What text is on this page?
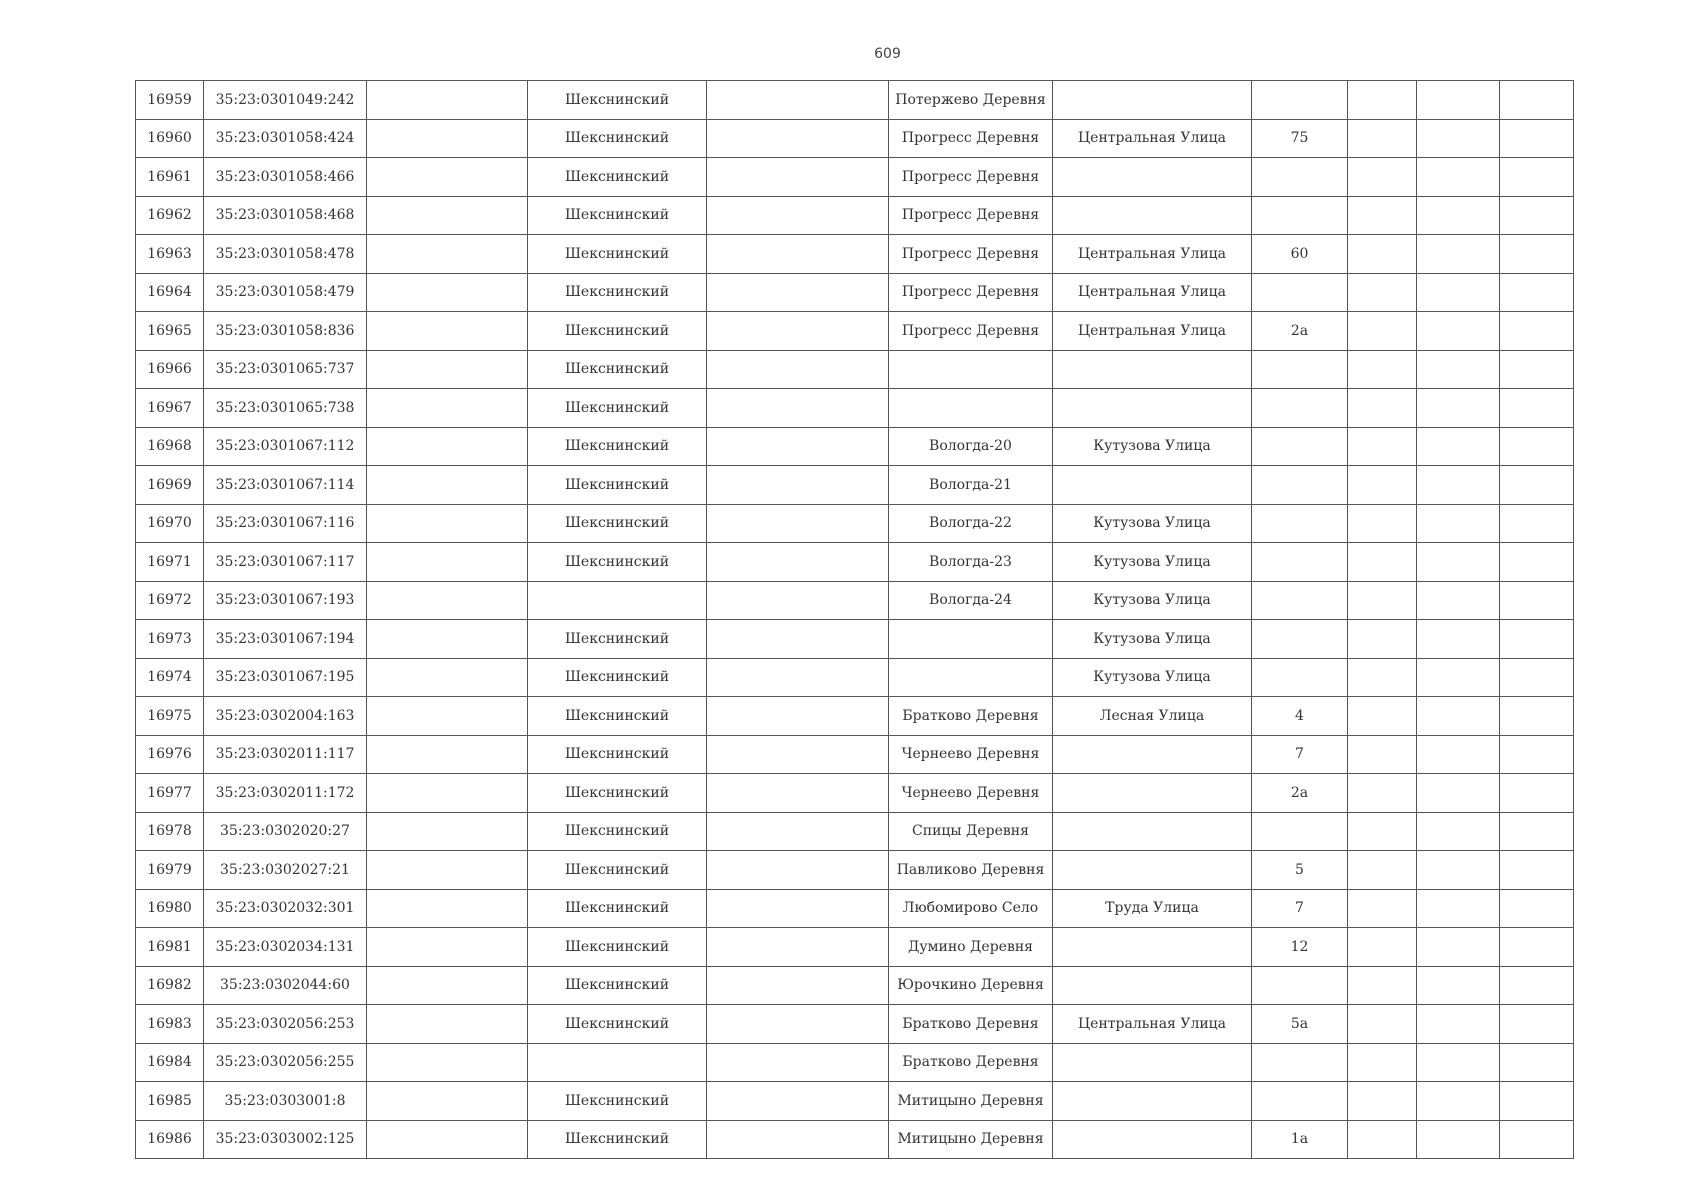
609
16959	35:23:0301049:242		Шекснинский		Потержево Деревня					
16960	35:23:0301058:424		Шекснинский		Прогресс Деревня	Центральная Улица	75			
16961	35:23:0301058:466		Шекснинский		Прогресс Деревня					
16962	35:23:0301058:468		Шекснинский		Прогресс Деревня					
16963	35:23:0301058:478		Шекснинский		Прогресс Деревня	Центральная Улица	60			
16964	35:23:0301058:479		Шекснинский		Прогресс Деревня	Центральная Улица				
16965	35:23:0301058:836		Шекснинский		Прогресс Деревня	Центральная Улица	2а			
16966	35:23:0301065:737		Шекснинский							
16967	35:23:0301065:738		Шекснинский							
16968	35:23:0301067:112		Шекснинский		Вологда-20	Кутузова Улица				
16969	35:23:0301067:114		Шекснинский		Вологда-21					
16970	35:23:0301067:116		Шекснинский		Вологда-22	Кутузова Улица				
16971	35:23:0301067:117		Шекснинский		Вологда-23	Кутузова Улица				
16972	35:23:0301067:193				Вологда-24	Кутузова Улица				
16973	35:23:0301067:194		Шекснинский			Кутузова Улица				
16974	35:23:0301067:195		Шекснинский			Кутузова Улица				
16975	35:23:0302004:163		Шекснинский		Братково Деревня	Лесная Улица	4			
16976	35:23:0302011:117		Шекснинский		Чернеево Деревня		7			
16977	35:23:0302011:172		Шекснинский		Чернеево Деревня		2а			
16978	35:23:0302020:27		Шекснинский		Спицы Деревня					
16979	35:23:0302027:21		Шекснинский		Павликово Деревня		5			
16980	35:23:0302032:301		Шекснинский		Любомирово Село	Труда Улица	7			
16981	35:23:0302034:131		Шекснинский		Думино Деревня		12			
16982	35:23:0302044:60		Шекснинский		Юрочкино Деревня					
16983	35:23:0302056:253		Шекснинский		Братково Деревня	Центральная Улица	5а			
16984	35:23:0302056:255				Братково Деревня					
16985	35:23:0303001:8		Шекснинский		Митицыно Деревня					
16986	35:23:0303002:125		Шекснинский		Митицыно Деревня		1а			
